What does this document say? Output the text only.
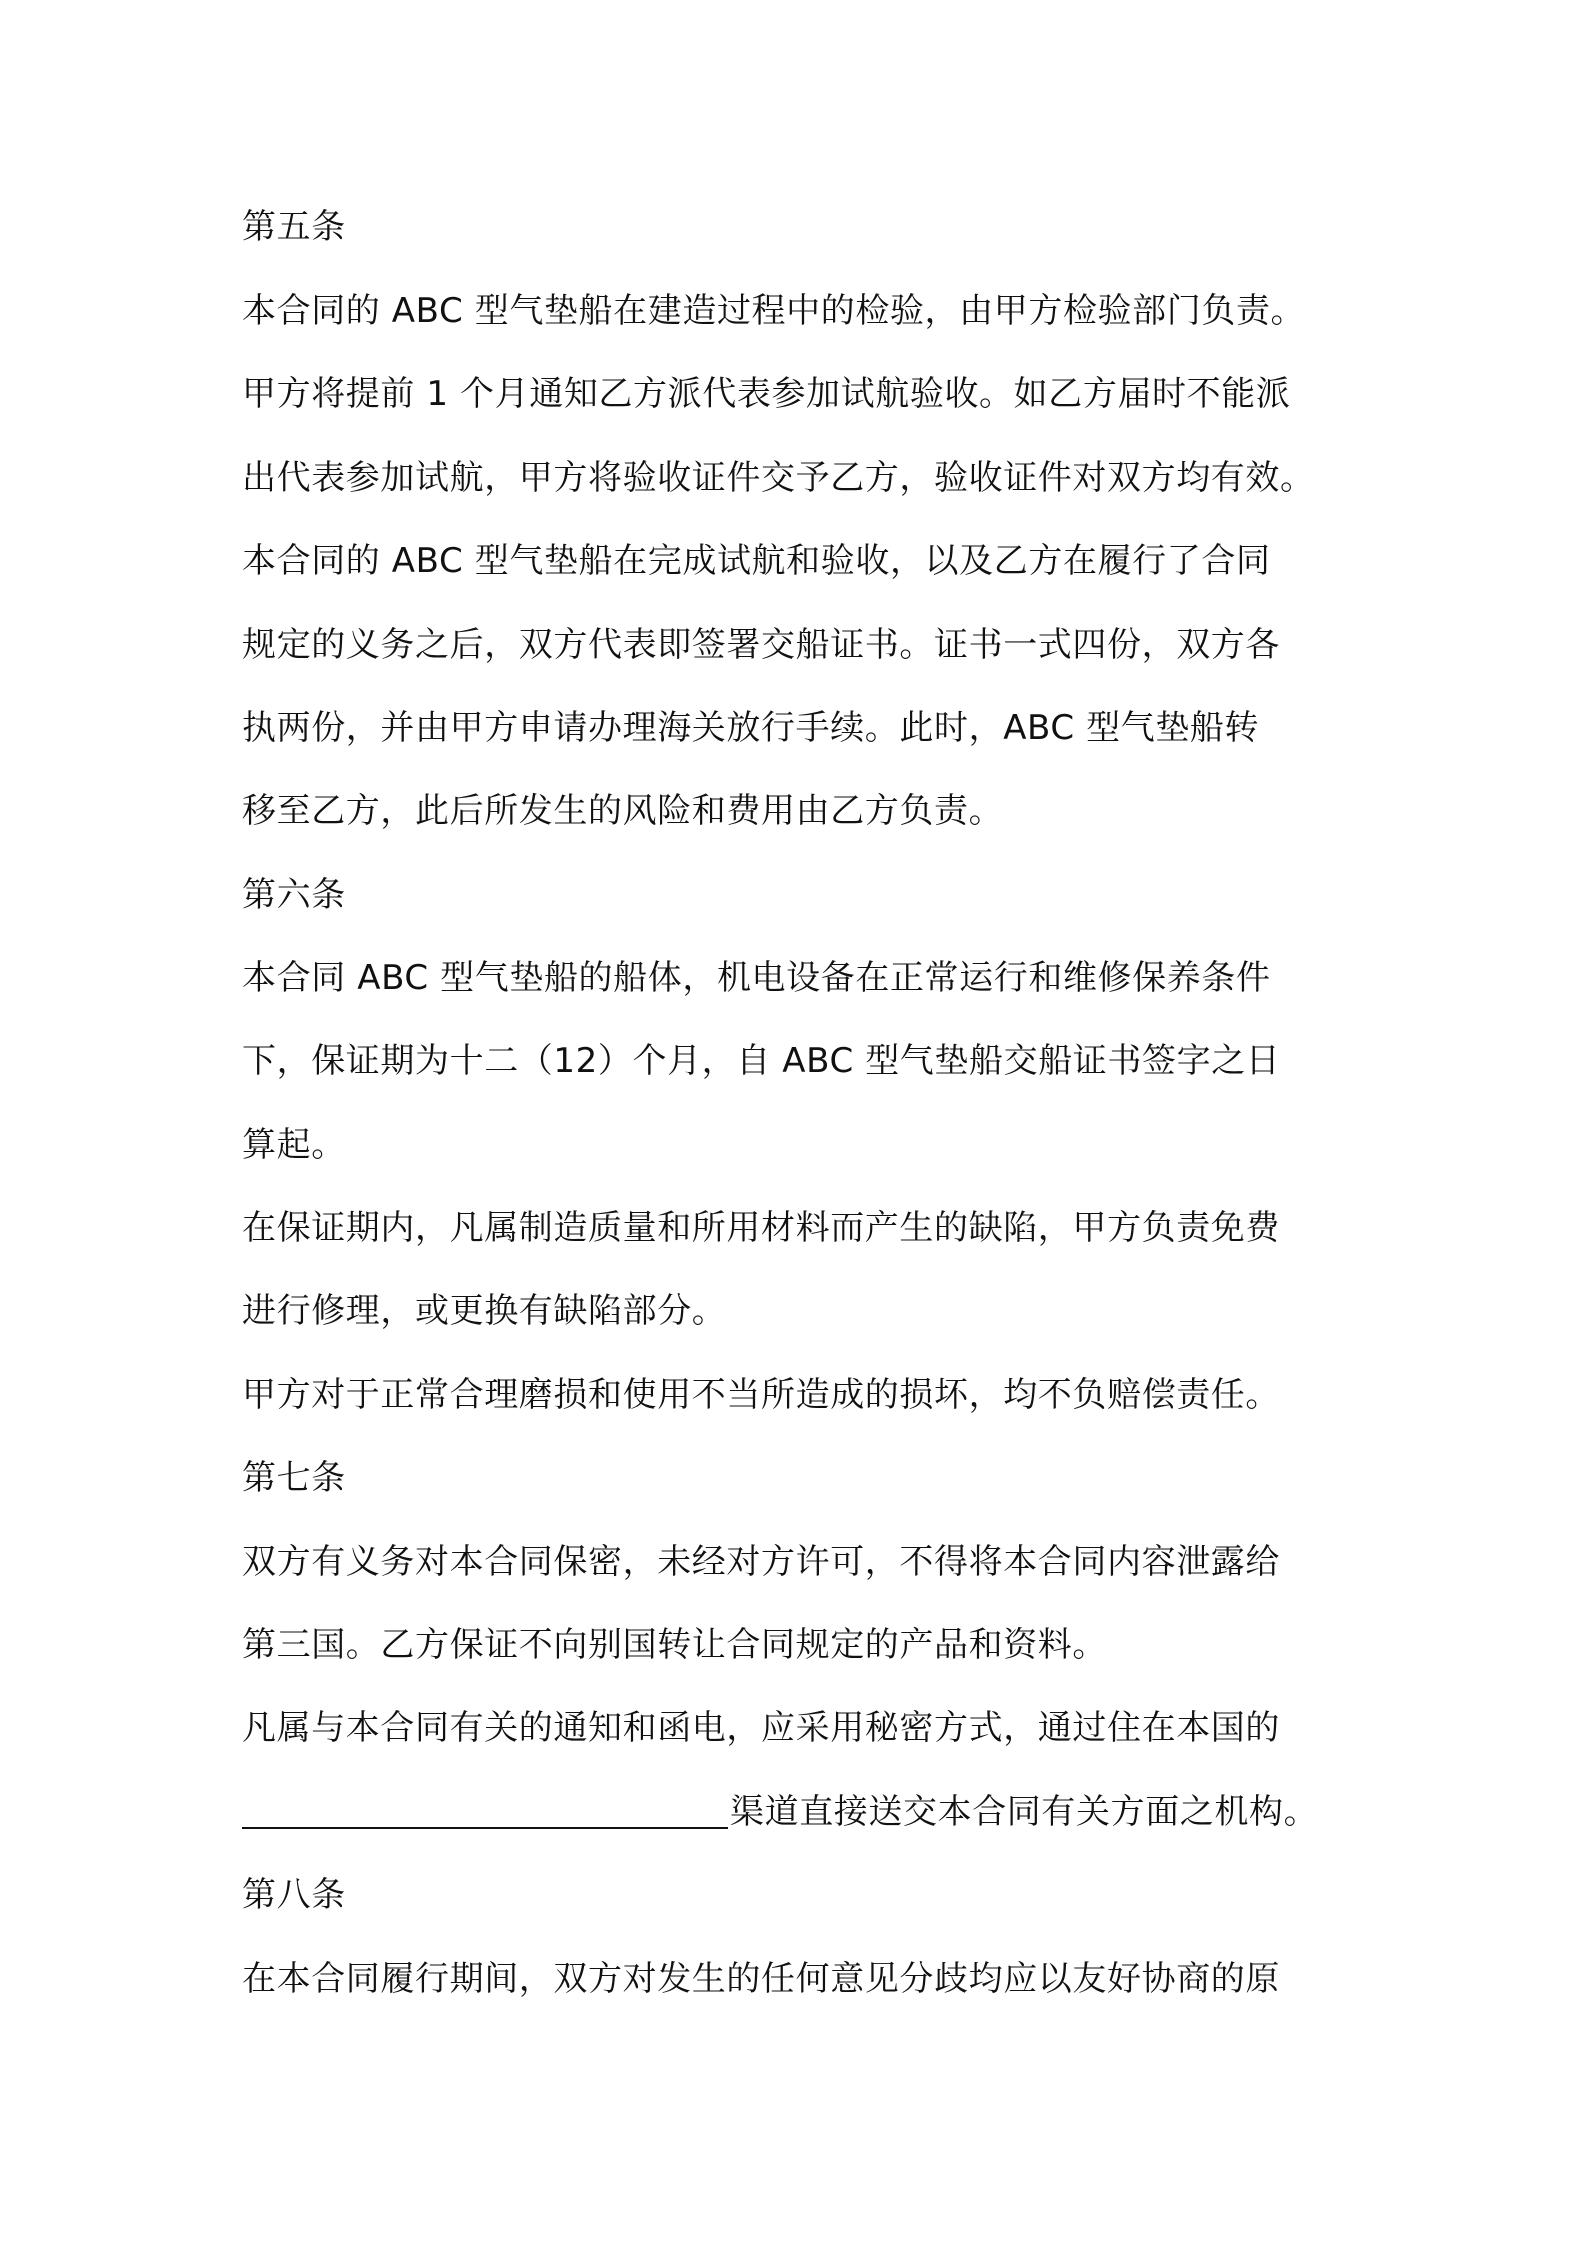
第五条
本合同的 ABC 型气垫船在建造过程中的检验，由甲方检验部门负责。
甲方将提前 1 个月通知乙方派代表参加试航验收。如乙方届时不能派
出代表参加试航，甲方将验收证件交予乙方，验收证件对双方均有效。
本合同的 ABC 型气垫船在完成试航和验收，以及乙方在履行了合同
规定的义务之后，双方代表即签署交船证书。证书一式四份，双方各
执两份，并由甲方申请办理海关放行手续。此时，ABC 型气垫船转
移至乙方，此后所发生的风险和费用由乙方负责。
第六条
本合同 ABC 型气垫船的船体，机电设备在正常运行和维修保养条件
下，保证期为十二（12）个月，自 ABC 型气垫船交船证书签字之日
算起。
在保证期内，凡属制造质量和所用材料而产生的缺陷，甲方负责免费
进行修理，或更换有缺陷部分。
甲方对于正常合理磨损和使用不当所造成的损坏，均不负赔偿责任。
第七条
双方有义务对本合同保密，未经对方许可，不得将本合同内容泄露给
第三国。乙方保证不向别国转让合同规定的产品和资料。
凡属与本合同有关的通知和函电，应采用秘密方式，通过住在本国的
渠道直接送交本合同有关方面之机构。
第八条
在本合同履行期间，双方对发生的任何意见分歧均应以友好协商的原
